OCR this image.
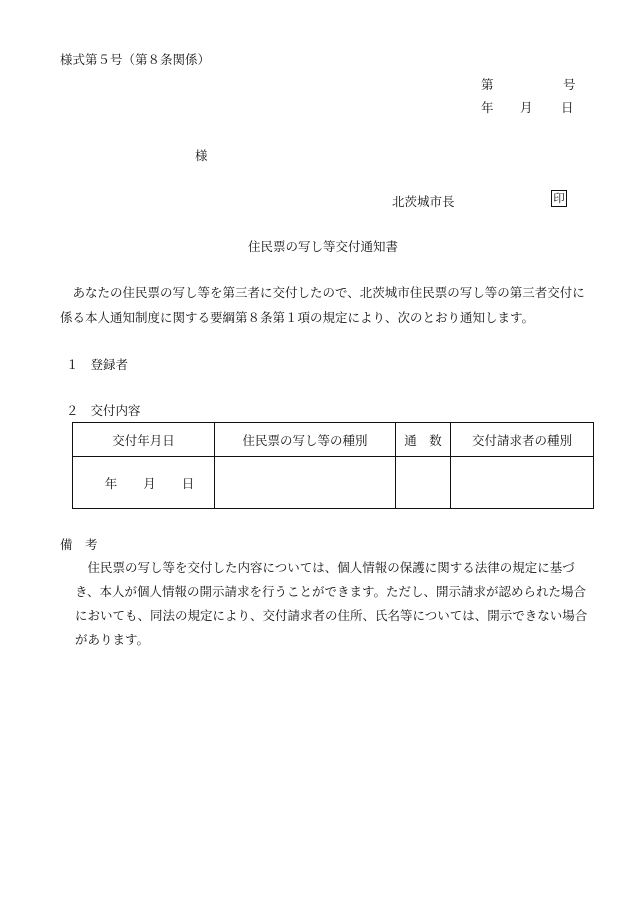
様式第５号（第８条関係）
第	号
年 月 日
様
北茨城市長	印
住民票の写し等交付通知書

あなたの住民票の写し等を第三者に交付したので、北茨城市住民票の写し等の第三者交付に係る本人通知制度に関する要綱第８条第１項の規定により、次のとおり通知します。

１ 登録者
２ 交付内容
交付年月日	住民票の写し等の種別	通　数	交付請求者の種別
年 月 日			
備　考

住民票の写し等を交付した内容については、個人情報の保護に関する法律の規定に基づき、本人が個人情報の開示請求を行うことができます。ただし、開示請求が認められた場合においても、同法の規定により、交付請求者の住所、氏名等については、開示できない場合があります。
